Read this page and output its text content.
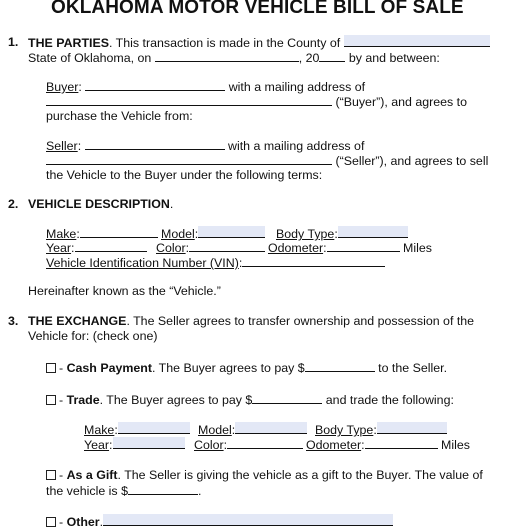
OKLAHOMA MOTOR VEHICLE BILL OF SALE
1. THE PARTIES. This transaction is made in the County of
State of Oklahoma, on	, 20 by and between:
Buyer:	with a mailing address of
(“Buyer”), and agrees to
purchase the Vehicle from:
Seller:	with a mailing address of
(“Seller”), and agrees to sell
the Vehicle to the Buyer under the following terms:
2. VEHICLE DESCRIPTION.
Make:	Model:	Body Type:
Year:	Color:	Odometer:	Miles
Vehicle Identification Number (VIN):
Hereinafter known as the “Vehicle.”
3. THE EXCHANGE. The Seller agrees to transfer ownership and possession of the
Vehicle for: (check one)
- Cash Payment. The Buyer agrees to pay $	to the Seller.
- Trade. The Buyer agrees to pay $	and trade the following:
Make:	Model:	Body Type:
Year:	Color:	Odometer:	Miles
- As a Gift. The Seller is giving the vehicle as a gift to the Buyer. The value of
the vehicle is $	.
- Other.
